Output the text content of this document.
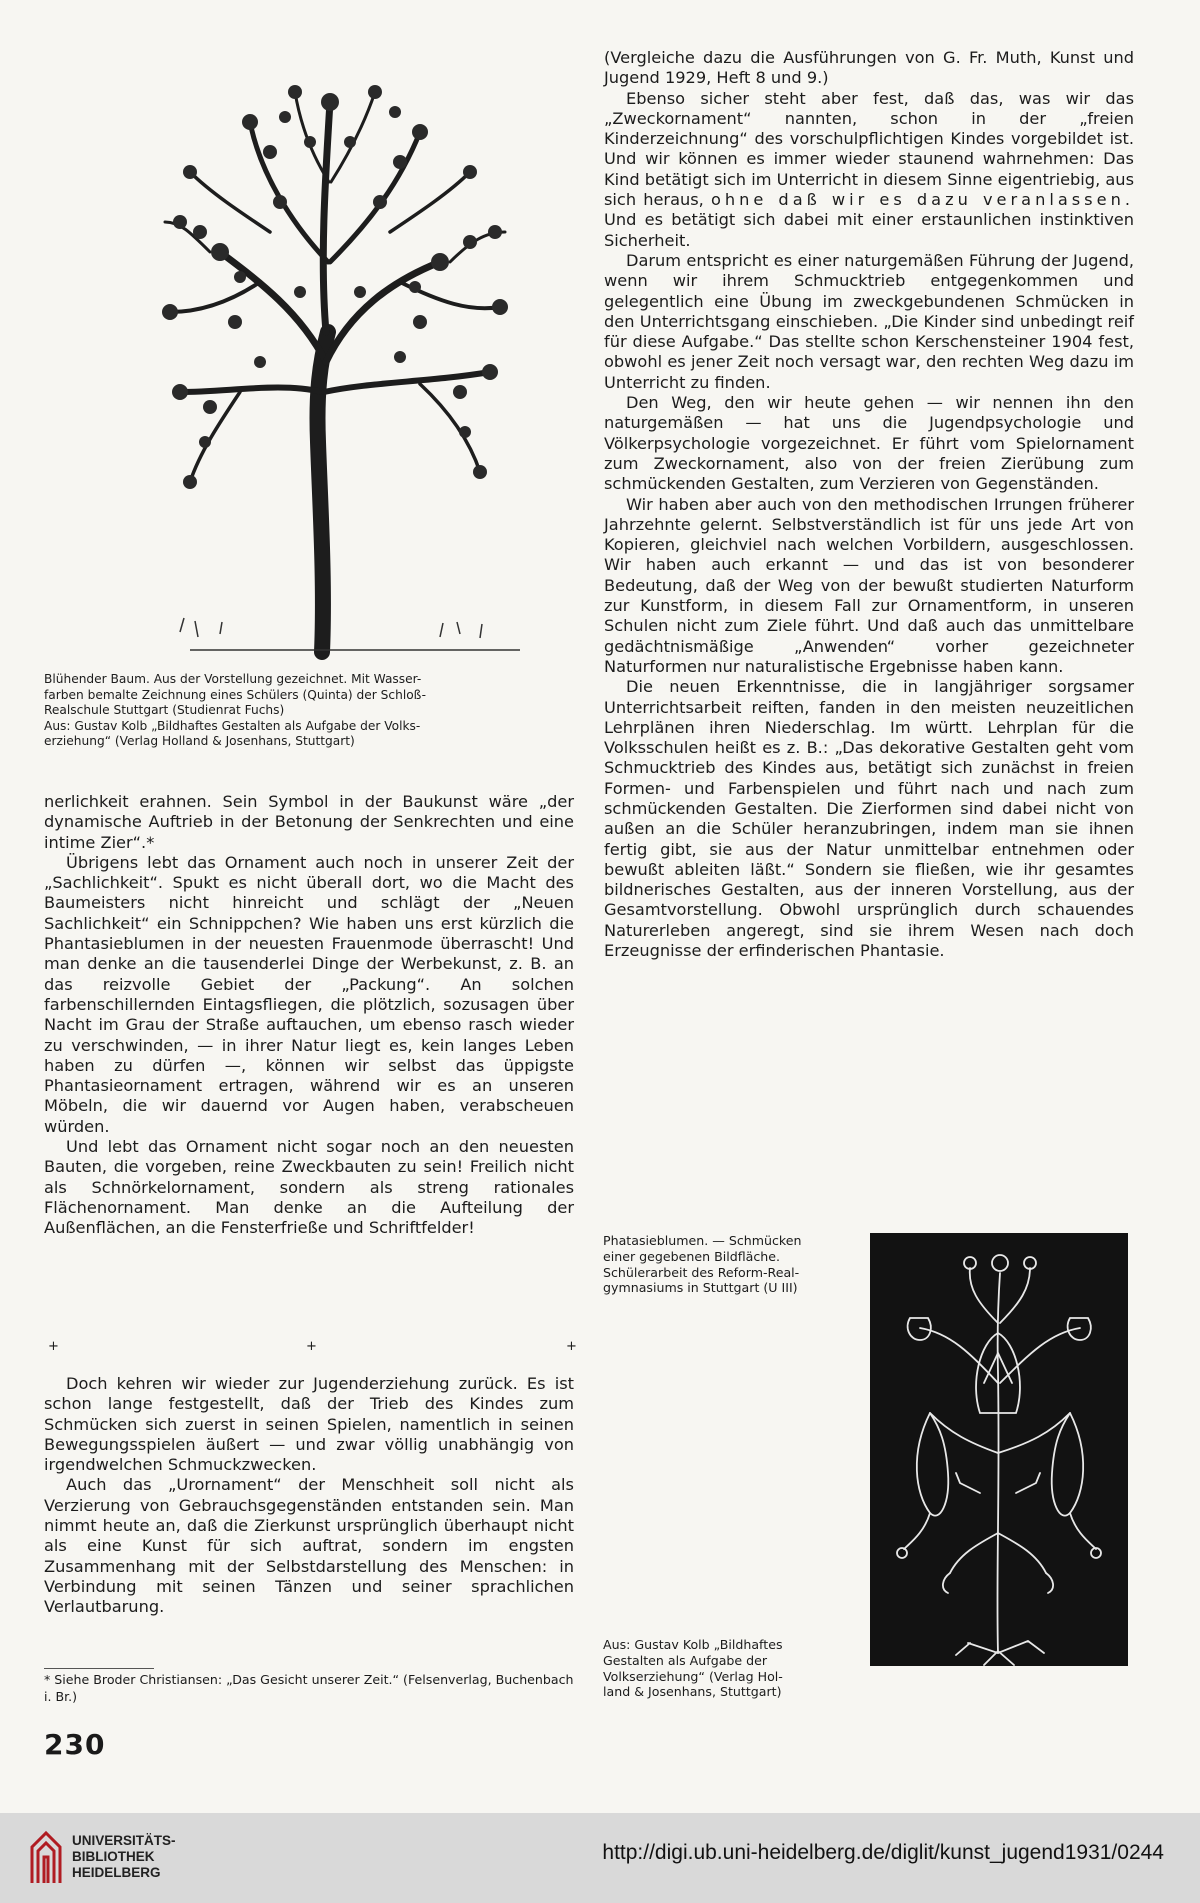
Blühender Baum. Aus der Vorstellung gezeichnet. Mit Wasser-
farben bemalte Zeichnung eines Schülers (Quinta) der Schloß-
Realschule Stuttgart (Studienrat Fuchs)
Aus: Gustav Kolb „Bildhaftes Gestalten als Aufgabe der Volks-
erziehung“ (Verlag Holland & Josenhans, Stuttgart)

nerlichkeit erahnen. Sein Symbol in der Baukunst wäre „der dynamische Auftrieb in der Betonung der Senkrechten und eine intime Zier“.*

Übrigens lebt das Ornament auch noch in unserer Zeit der „Sachlichkeit“. Spukt es nicht überall dort, wo die Macht des Baumeisters nicht hinreicht und schlägt der „Neuen Sachlichkeit“ ein Schnippchen? Wie haben uns erst kürzlich die Phantasieblumen in der neuesten Frauenmode überrascht! Und man denke an die tausenderlei Dinge der Werbekunst, z. B. an das reizvolle Gebiet der „Packung“. An solchen farbenschillernden Eintagsfliegen, die plötzlich, sozusagen über Nacht im Grau der Straße auftauchen, um ebenso rasch wieder zu verschwinden, — in ihrer Natur liegt es, kein langes Leben haben zu dürfen —, können wir selbst das üppigste Phantasieornament ertragen, während wir es an unseren Möbeln, die wir dauernd vor Augen haben, verabscheuen würden.

Und lebt das Ornament nicht sogar noch an den neuesten Bauten, die vorgeben, reine Zweckbauten zu sein! Freilich nicht als Schnörkelornament, sondern als streng rationales Flächenornament. Man denke an die Aufteilung der Außenflächen, an die Fensterfrieße und Schriftfelder!

+	+	+

Doch kehren wir wieder zur Jugenderziehung zurück. Es ist schon lange festgestellt, daß der Trieb des Kindes zum Schmücken sich zuerst in seinen Spielen, namentlich in seinen Bewegungsspielen äußert — und zwar völlig unabhängig von irgendwelchen Schmuckzwecken.

Auch das „Urornament“ der Menschheit soll nicht als Verzierung von Gebrauchsgegenständen entstanden sein. Man nimmt heute an, daß die Zierkunst ursprünglich überhaupt nicht als eine Kunst für sich auftrat, sondern im engsten Zusammenhang mit der Selbstdarstellung des Menschen: in Verbindung mit seinen Tänzen und seiner sprachlichen Verlautbarung.

* Siehe Broder Christiansen: „Das Gesicht unserer Zeit.“ (Felsenverlag, Buchenbach i. Br.)
230

(Vergleiche dazu die Ausführungen von G. Fr. Muth, Kunst und Jugend 1929, Heft 8 und 9.)

Ebenso sicher steht aber fest, daß das, was wir das „Zweckornament“ nannten, schon in der „freien Kinderzeichnung“ des vorschulpflichtigen Kindes vorgebildet ist. Und wir können es immer wieder staunend wahrnehmen: Das Kind betätigt sich im Unterricht in diesem Sinne eigentriebig, aus sich heraus, ohne daß wir es dazu veranlassen. Und es betätigt sich dabei mit einer erstaunlichen instinktiven Sicherheit.

Darum entspricht es einer naturgemäßen Führung der Jugend, wenn wir ihrem Schmucktrieb entgegenkommen und gelegentlich eine Übung im zweckgebundenen Schmücken in den Unterrichtsgang einschieben. „Die Kinder sind unbedingt reif für diese Aufgabe.“ Das stellte schon Kerschensteiner 1904 fest, obwohl es jener Zeit noch versagt war, den rechten Weg dazu im Unterricht zu finden.

Den Weg, den wir heute gehen — wir nennen ihn den naturgemäßen — hat uns die Jugendpsychologie und Völkerpsychologie vorgezeichnet. Er führt vom Spielornament zum Zweckornament, also von der freien Zierübung zum schmückenden Gestalten, zum Verzieren von Gegenständen.

Wir haben aber auch von den methodischen Irrungen früherer Jahrzehnte gelernt. Selbstverständlich ist für uns jede Art von Kopieren, gleichviel nach welchen Vorbildern, ausgeschlossen. Wir haben auch erkannt — und das ist von besonderer Bedeutung, daß der Weg von der bewußt studierten Naturform zur Kunstform, in diesem Fall zur Ornamentform, in unseren Schulen nicht zum Ziele führt. Und daß auch das unmittelbare gedächtnismäßige „Anwenden“ vorher gezeichneter Naturformen nur naturalistische Ergebnisse haben kann.

Die neuen Erkenntnisse, die in langjähriger sorgsamer Unterrichtsarbeit reiften, fanden in den meisten neuzeitlichen Lehrplänen ihren Niederschlag. Im württ. Lehrplan für die Volksschulen heißt es z. B.: „Das dekorative Gestalten geht vom Schmucktrieb des Kindes aus, betätigt sich zunächst in freien Formen- und Farbenspielen und führt nach und nach zum schmückenden Gestalten. Die Zierformen sind dabei nicht von außen an die Schüler heranzubringen, indem man sie ihnen fertig gibt, sie aus der Natur unmittelbar entnehmen oder bewußt ableiten läßt.“ Sondern sie fließen, wie ihr gesamtes bildnerisches Gestalten, aus der inneren Vorstellung, aus der Gesamtvorstellung. Obwohl ursprünglich durch schauendes Naturerleben angeregt, sind sie ihrem Wesen nach doch Erzeugnisse der erfinderischen Phantasie.

Phatasieblumen. — Schmücken
einer gegebenen Bildfläche.
Schülerarbeit des Reform-Real-
gymnasiums in Stuttgart (U III)
Aus: Gustav Kolb „Bildhaftes
Gestalten als Aufgabe der
Volkserziehung“ (Verlag Hol-
land & Josenhans, Stuttgart)
UNIVERSITÄTS-
BIBLIOTHEK
HEIDELBERG
http://digi.ub.uni-heidelberg.de/diglit/kunst_jugend1931/0244
